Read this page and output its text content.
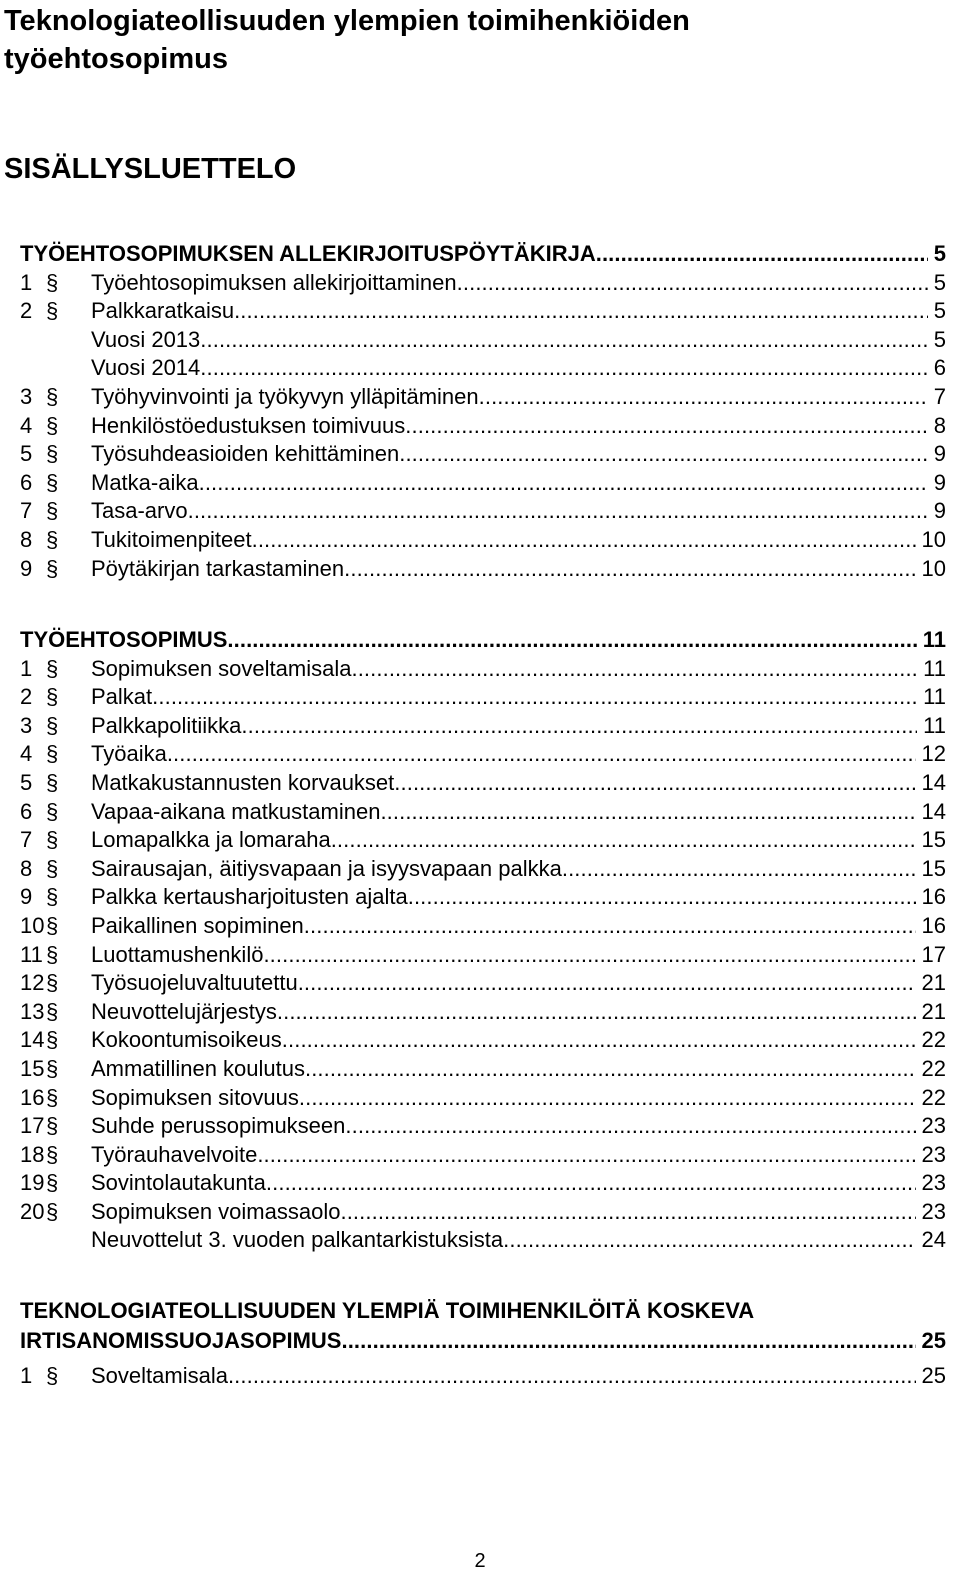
Teknologiateollisuuden ylempien toimihenkiöiden työehtosopimus
SISÄLLYSLUETTELO
TYÖEHTOSOPIMUKSEN ALLEKIRJOITUSPÖYTÄKIRJA . . .	5
1 §	Työehtosopimuksen allekirjoittaminen . . .	5
2 §	Palkkaratkaisu . . .	5
Vuosi 2013 . . .	5
Vuosi 2014 . . .	6
3 §	Työhyvinvointi ja työkyvyn ylläpitäminen . . .	7
4 §	Henkilöstöedustuksen toimivuus . . .	8
5 §	Työsuhdeasioiden kehittäminen . . .	9
6 §	Matka-aika . . .	9
7 §	Tasa-arvo . . .	9
8 §	Tukitoimenpiteet . . .	10
9 §	Pöytäkirjan tarkastaminen . . .	10
TYÖEHTOSOPIMUS . . .	11
1 §	Sopimuksen soveltamisala . . .	11
2 §	Palkat . . .	11
3 §	Palkkapolitiikka . . .	11
4 §	Työaika . . .	12
5 §	Matkakustannusten korvaukset . . .	14
6 §	Vapaa-aikana matkustaminen . . .	14
7 §	Lomapalkka ja lomaraha . . .	15
8 §	Sairausajan, äitiysvapaan ja isyysvapaan palkka . . .	15
9 §	Palkka kertausharjoitusten ajalta . . .	16
10 §	Paikallinen sopiminen . . .	16
11 §	Luottamushenkilö . . .	17
12 §	Työsuojeluvaltuutettu . . .	21
13 §	Neuvottelujärjestys . . .	21
14 §	Kokoontumisoikeus . . .	22
15 §	Ammatillinen koulutus . . .	22
16 §	Sopimuksen sitovuus . . .	22
17 §	Suhde perussopimukseen . . .	23
18 §	Työrauhavelvoite . . .	23
19 §	Sovintolautakunta . . .	23
20 §	Sopimuksen voimassaolo . . .	23
Neuvottelut 3. vuoden palkantarkistuksista . . .	24
TEKNOLOGIATEOLLISUUDEN YLEMPIÄ TOIMIHENKILÖITÄ KOSKEVA
IRTISANOMISSUOJASOPIMUS . . .	25
1 §	Soveltamisala . . .	25
2
